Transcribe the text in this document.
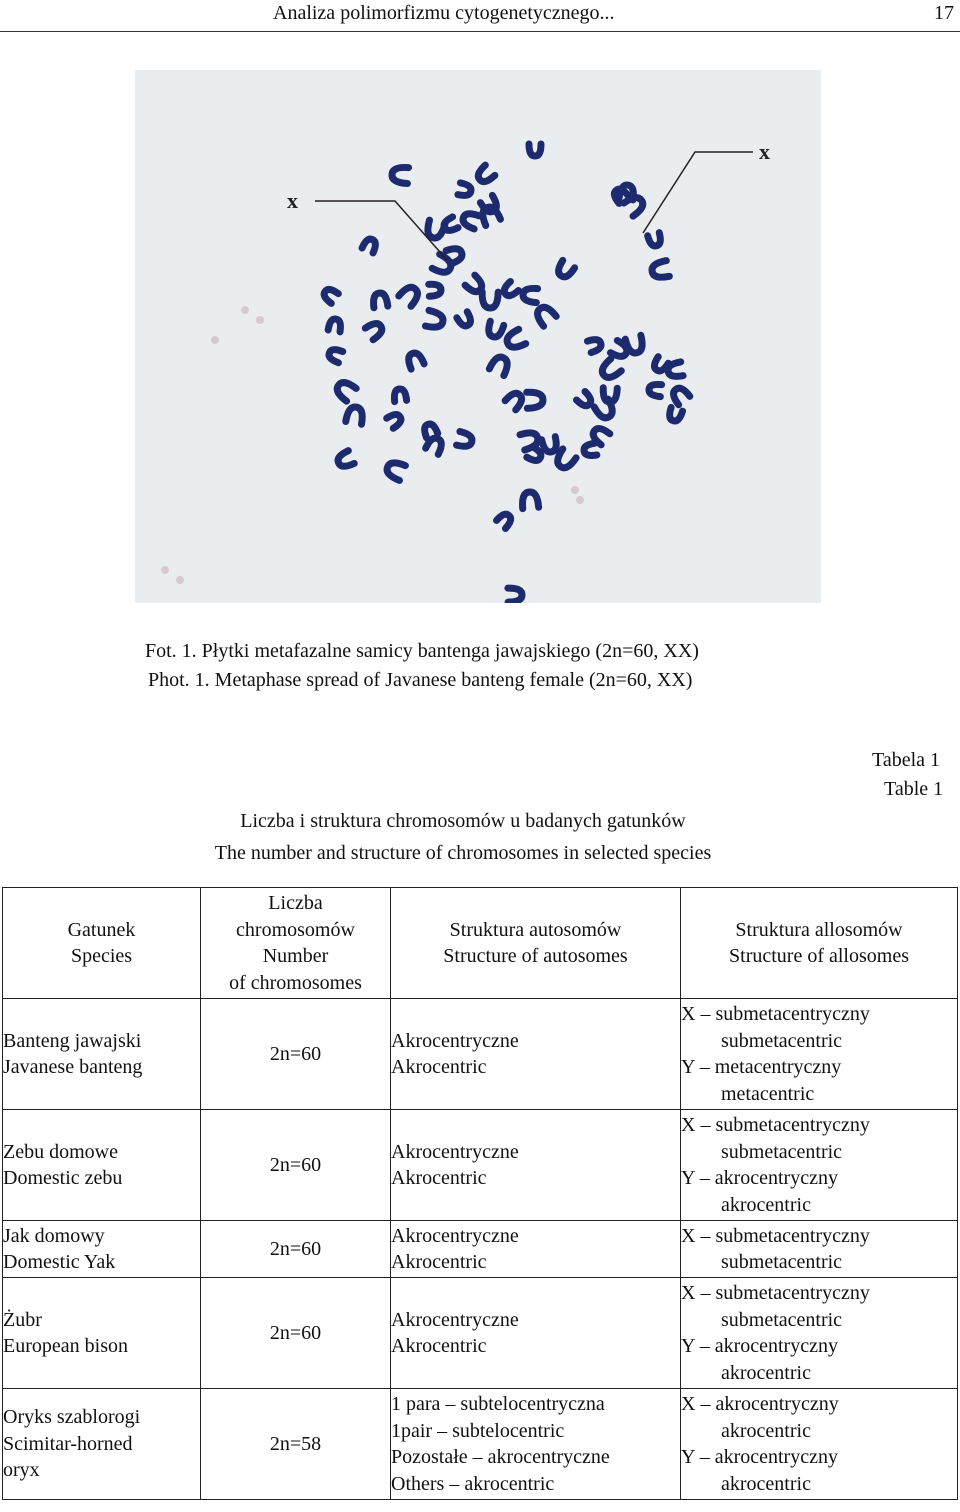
Analiza polimorfizmu cytogenetycznego...	17
x
x
Fot. 1. Płytki metafazalne samicy bantenga jawajskiego (2n=60, XX)
Phot. 1. Metaphase spread of Javanese banteng female (2n=60, XX)
Tabela 1
Table 1
Liczba i struktura chromosomów u badanych gatunków
The number and structure of chromosomes in selected species
Gatunek
Species	Liczba
chromosomów
Number
of chromosomes	Struktura autosomów
Structure of autosomes	Struktura allosomów
Structure of allosomes

Banteng jawajski
Javanese banteng	2n=60	Akrocentryczne
Akrocentric	X – submetacentryczny
submetacentric
Y – metacentryczny
metacentric

Zebu domowe
Domestic zebu	2n=60	Akrocentryczne
Akrocentric	X – submetacentryczny
submetacentric
Y – akrocentryczny
akrocentric

Jak domowy
Domestic Yak	2n=60	Akrocentryczne
Akrocentric	X – submetacentryczny
submetacentric

Żubr
European bison	2n=60	Akrocentryczne
Akrocentric	X – submetacentryczny
submetacentric
Y – akrocentryczny
akrocentric

Oryks szablorogi
Scimitar-horned
oryx	2n=58	1 para – subtelocentryczna
1pair – subtelocentric
Pozostałe – akrocentryczne
Others – akrocentric	X – akrocentryczny
akrocentric
Y – akrocentryczny
akrocentric
